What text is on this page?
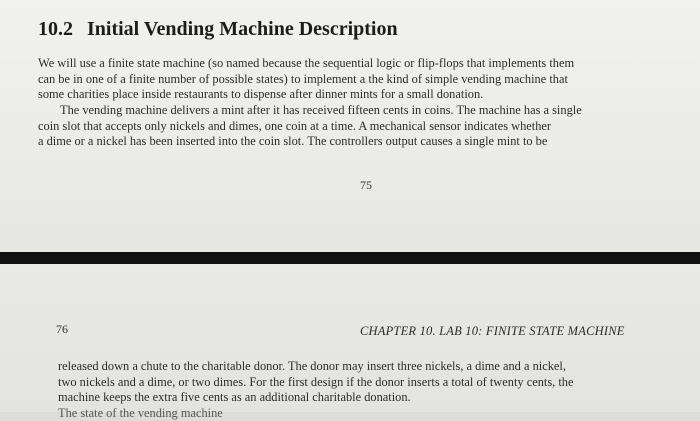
10.2 Initial Vending Machine Description
We will use a finite state machine (so named because the sequential logic or flip-flops that implements them
can be in one of a finite number of possible states) to implement a the kind of simple vending machine that
some charities place inside restaurants to dispense after dinner mints for a small donation.
The vending machine delivers a mint after it has received fifteen cents in coins. The machine has a single
coin slot that accepts only nickels and dimes, one coin at a time. A mechanical sensor indicates whether
a dime or a nickel has been inserted into the coin slot. The controllers output causes a single mint to be
75
76	CHAPTER 10. LAB 10: FINITE STATE MACHINE
released down a chute to the charitable donor. The donor may insert three nickels, a dime and a nickel,
two nickels and a dime, or two dimes. For the first design if the donor inserts a total of twenty cents, the
machine keeps the extra five cents as an additional charitable donation.
The state of the vending machine
